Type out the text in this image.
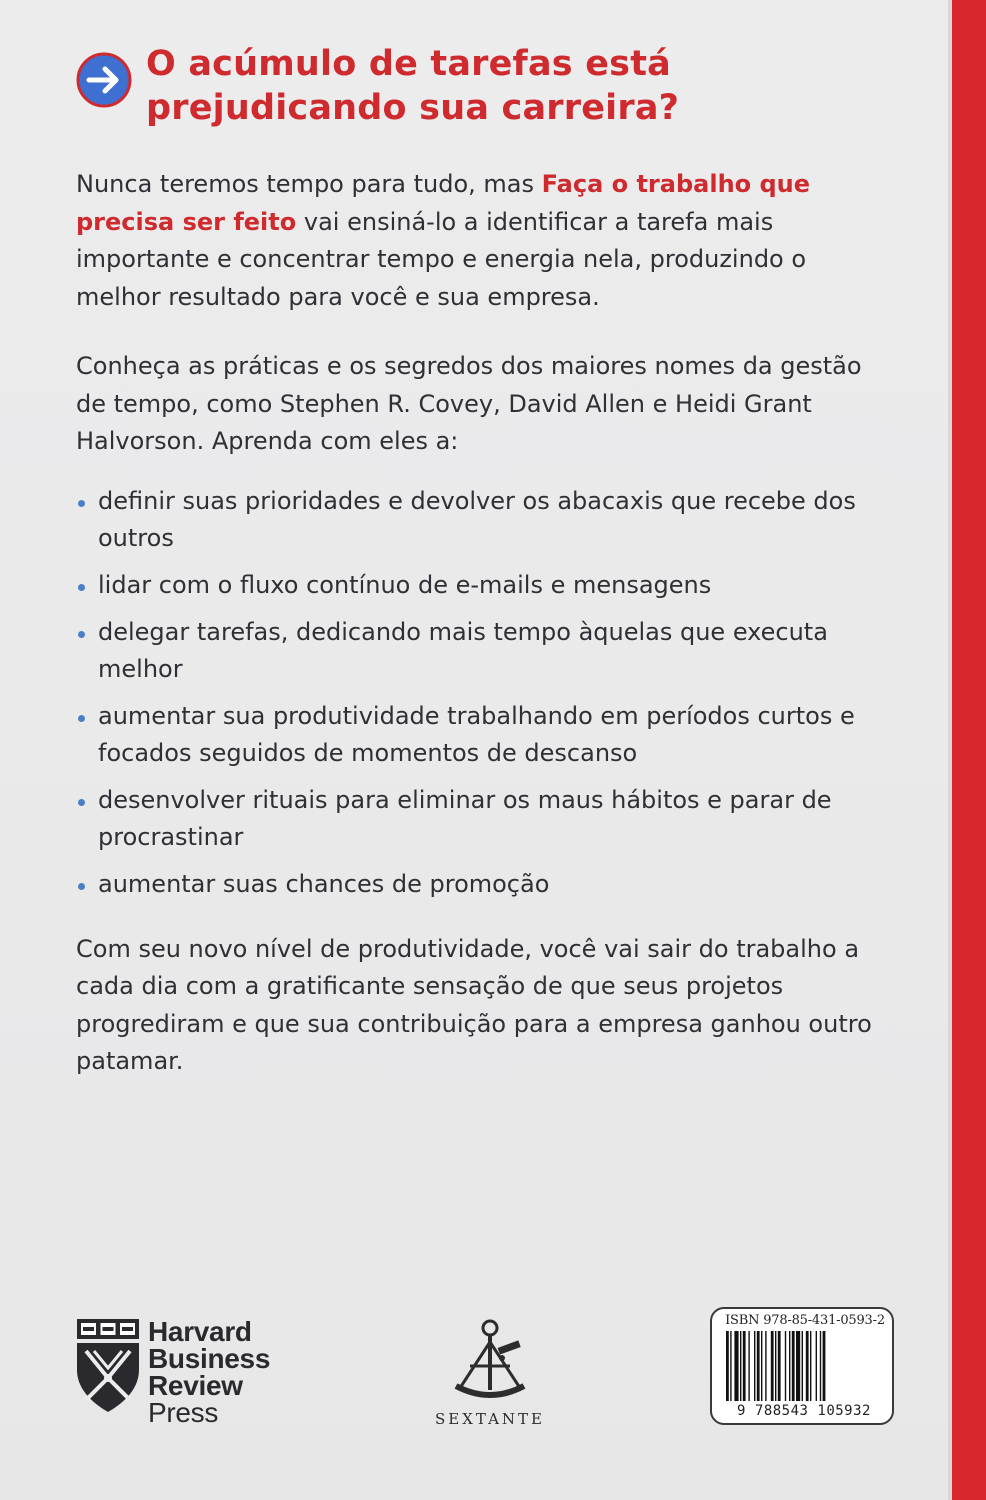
O acúmulo de tarefas está
prejudicando sua carreira?

Nunca teremos tempo para tudo, mas Faça o trabalho que precisa ser feito vai ensiná-lo a identificar a tarefa mais importante e concentrar tempo e energia nela, produzindo o melhor resultado para você e sua empresa.

Conheça as práticas e os segredos dos maiores nomes da gestão de tempo, como Stephen R. Covey, David Allen e Heidi Grant Halvorson. Aprenda com eles a:

definir suas prioridades e devolver os abacaxis que recebe dos outros
lidar com o fluxo contínuo de e-mails e mensagens
delegar tarefas, dedicando mais tempo àquelas que executa melhor
aumentar sua produtividade trabalhando em períodos curtos e focados seguidos de momentos de descanso
desenvolver rituais para eliminar os maus hábitos e parar de procrastinar
aumentar suas chances de promoção

Com seu novo nível de produtividade, você vai sair do trabalho a cada dia com a gratificante sensação de que seus projetos progrediram e que sua contribuição para a empresa ganhou outro patamar.

Harvard
Business
Review
Press	SEXTANTE
ISBN 978-85-431-0593-2
9 788543 105932
